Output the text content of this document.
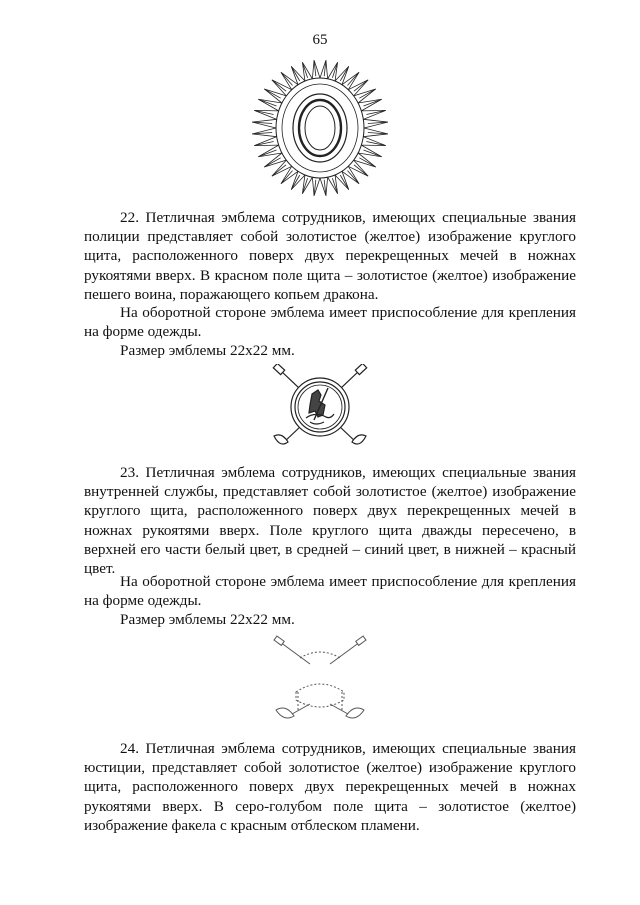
65

22. Петличная эмблема сотрудников, имеющих специальные звания полиции представляет собой золотистое (желтое) изображение круглого щита, расположенного поверх двух перекрещенных мечей в ножнах рукоятями вверх. В красном поле щита – золотистое (желтое) изображение пешего воина, поражающего копьем дракона.

На оборотной стороне эмблема имеет приспособление для крепления на форме одежды.

Размер эмблемы 22х22 мм.

23. Петличная эмблема сотрудников, имеющих специальные звания внутренней службы, представляет собой золотистое (желтое) изображение круглого щита, расположенного поверх двух перекрещенных мечей в ножнах рукоятями вверх. Поле круглого щита дважды пересечено, в верхней его части белый цвет, в средней – синий цвет, в нижней – красный цвет.

На оборотной стороне эмблема имеет приспособление для крепления на форме одежды.

Размер эмблемы 22х22 мм.

24. Петличная эмблема сотрудников, имеющих специальные звания юстиции, представляет собой золотистое (желтое) изображение круглого щита, расположенного поверх двух перекрещенных мечей в ножнах рукоятями вверх. В серо-голубом поле щита – золотистое (желтое) изображение факела с красным отблеском пламени.
